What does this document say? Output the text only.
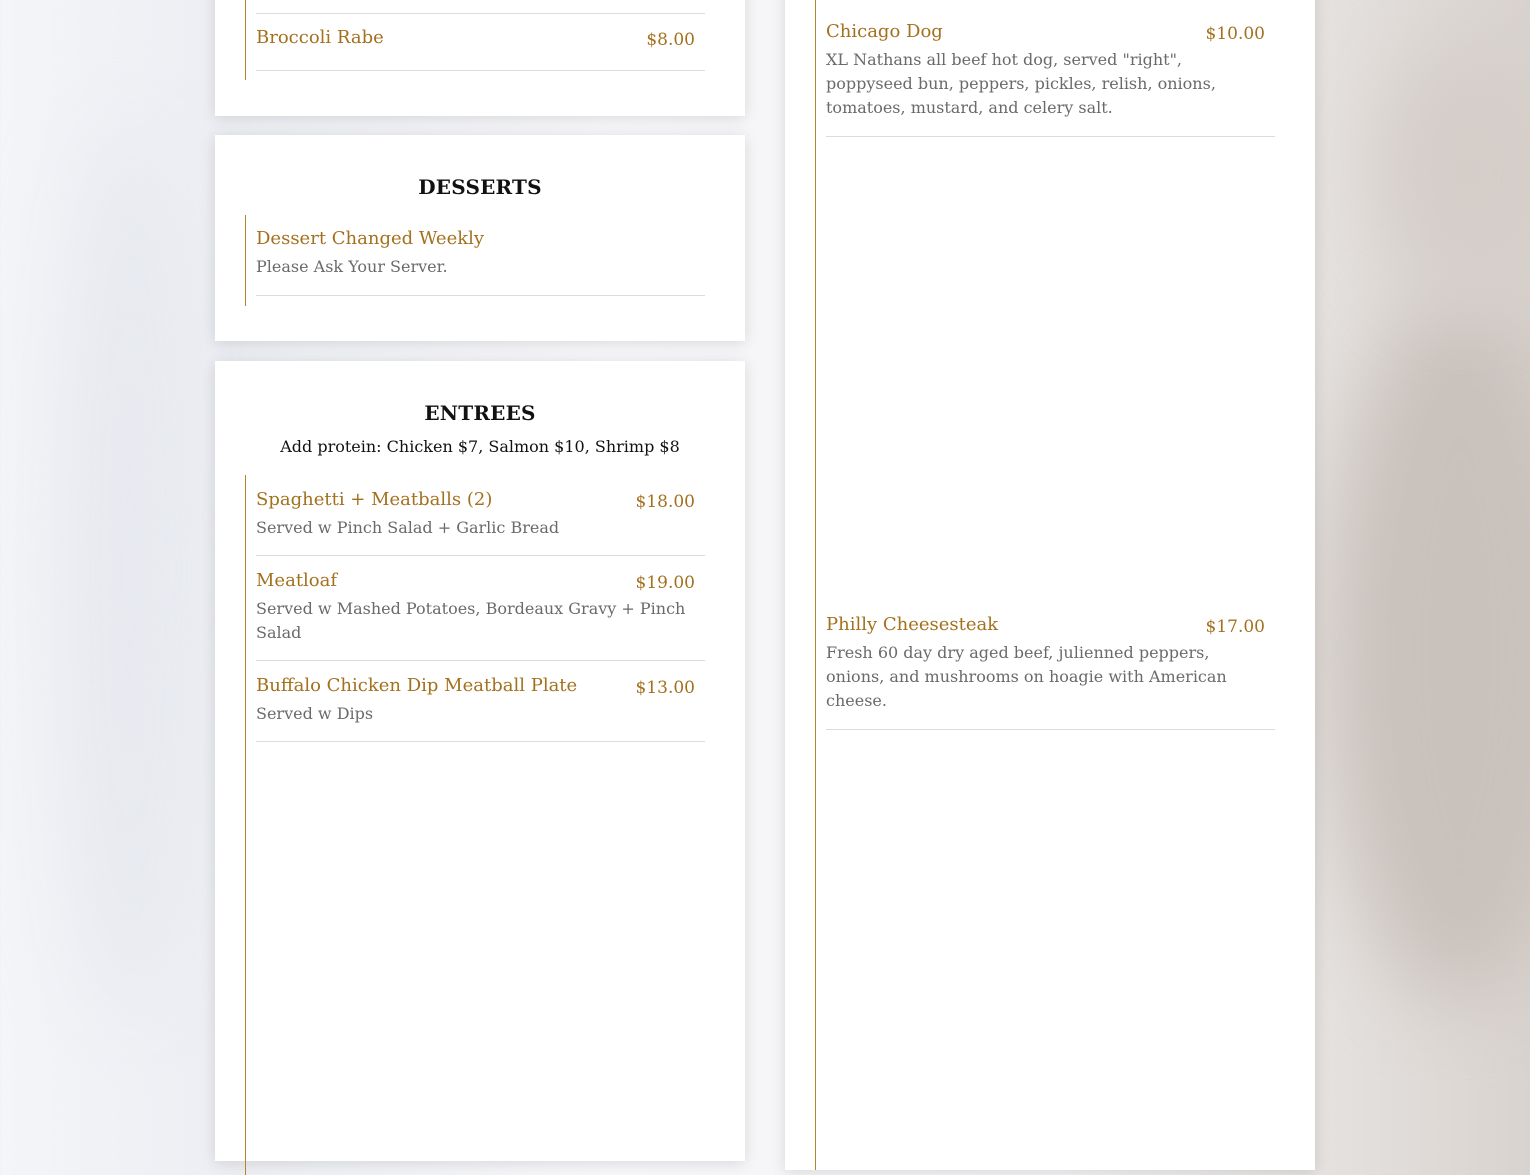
Broccoli Rabe	$8.00
DESSERTS
Dessert Changed Weekly
Please Ask Your Server.
ENTREES
Add protein: Chicken $7, Salmon $10, Shrimp $8
Spaghetti + Meatballs (2)	$18.00
Served w Pinch Salad + Garlic Bread
Meatloaf	$19.00
Served w Mashed Potatoes, Bordeaux Gravy + Pinch Salad
Buffalo Chicken Dip Meatball Plate	$13.00
Served w Dips
Chicago Dog	$10.00
XL Nathans all beef hot dog, served "right", poppyseed bun, peppers, pickles, relish, onions, tomatoes, mustard, and celery salt.
Philly Cheesesteak	$17.00
Fresh 60 day dry aged beef, julienned peppers, onions, and mushrooms on hoagie with American cheese.
